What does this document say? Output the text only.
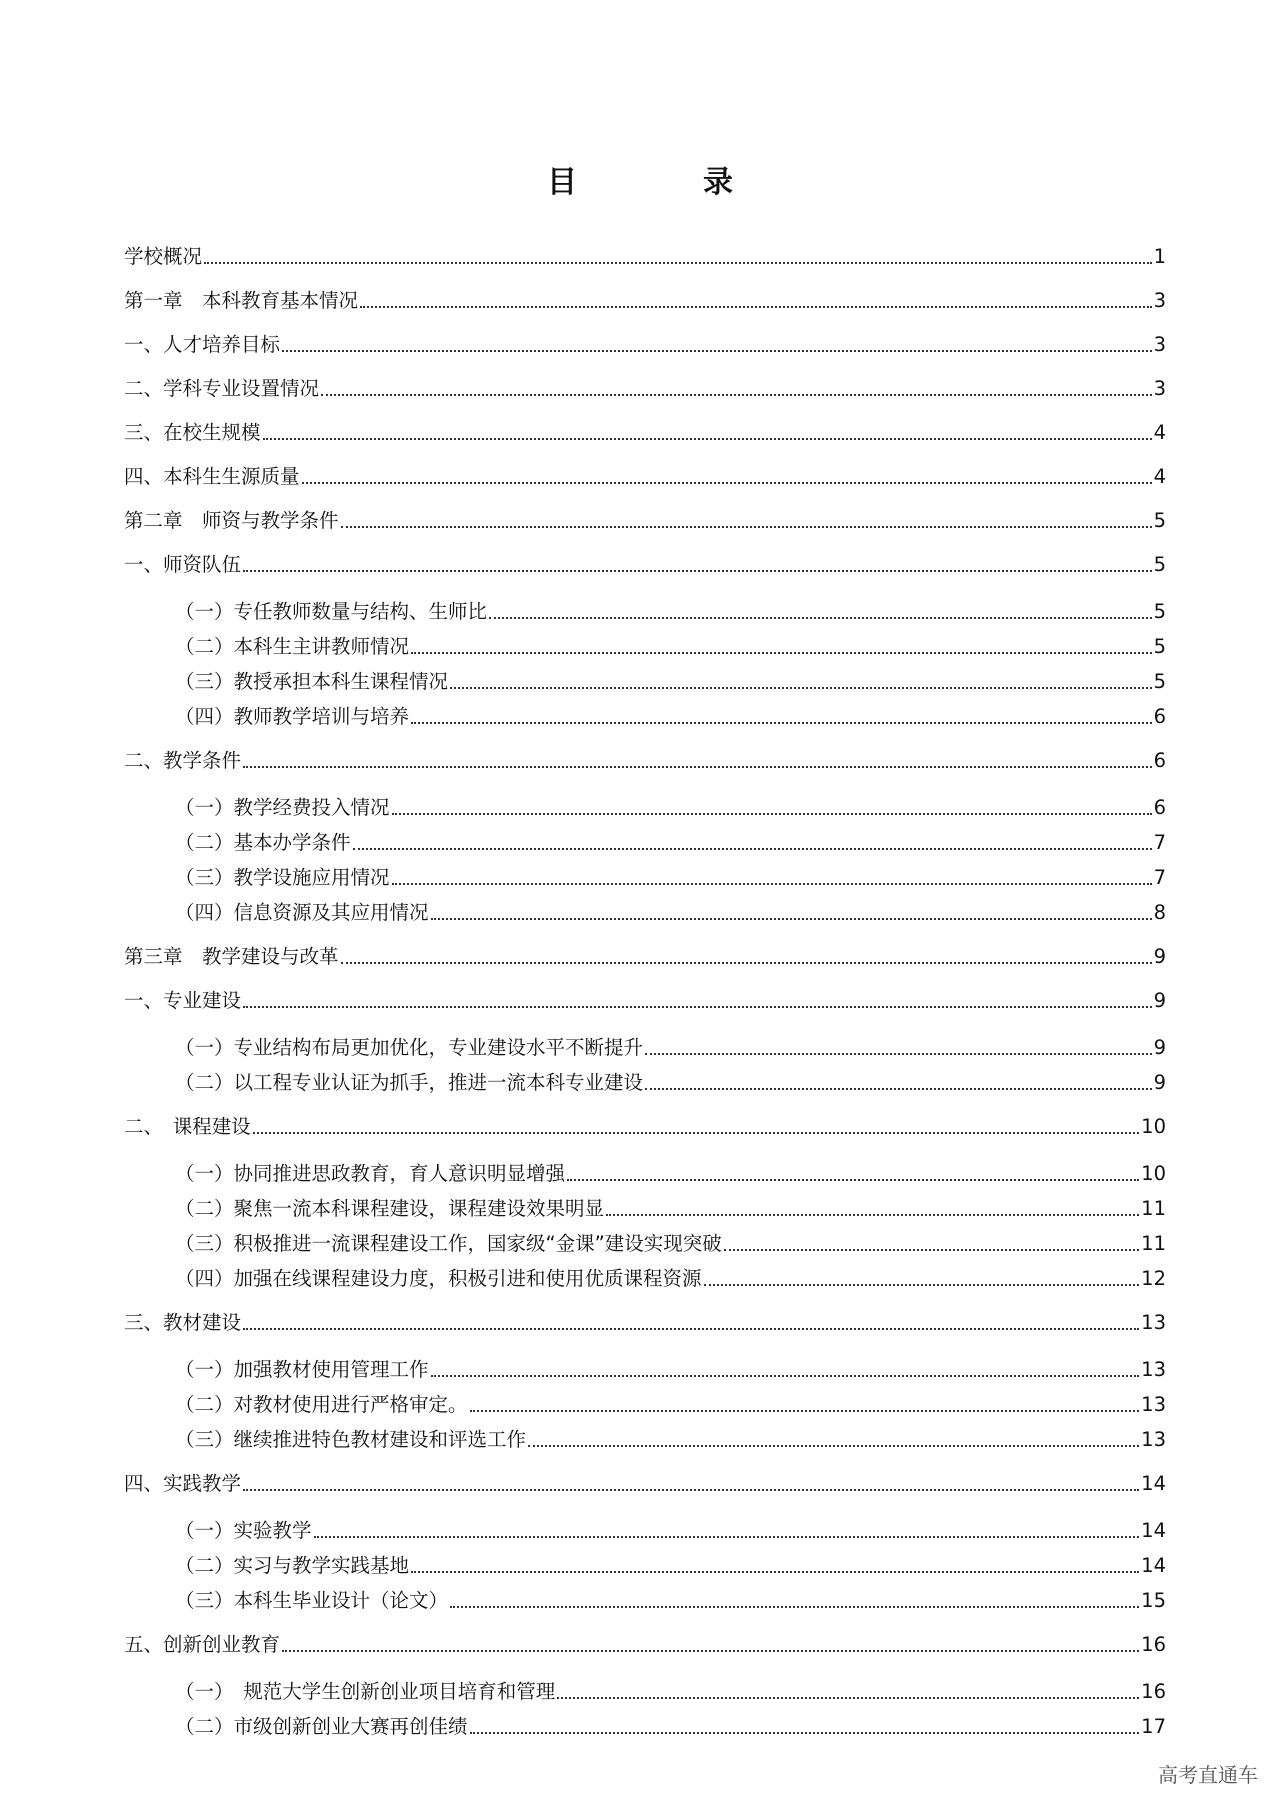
目　录
学校概况	1
第一章　本科教育基本情况	3
一、人才培养目标	3
二、学科专业设置情况	3
三、在校生规模	4
四、本科生生源质量	4
第二章　师资与教学条件	5
一、师资队伍	5
（一）专任教师数量与结构、生师比	5
（二）本科生主讲教师情况	5
（三）教授承担本科生课程情况	5
（四）教师教学培训与培养	6
二、教学条件	6
（一）教学经费投入情况	6
（二）基本办学条件	7
（三）教学设施应用情况	7
（四）信息资源及其应用情况	8
第三章　教学建设与改革	9
一、专业建设	9
（一）专业结构布局更加优化，专业建设水平不断提升	9
（二）以工程专业认证为抓手，推进一流本科专业建设	9
二、　课程建设	10
（一）协同推进思政教育，育人意识明显增强	10
（二）聚焦一流本科课程建设，课程建设效果明显	11
（三）积极推进一流课程建设工作，国家级“金课”建设实现突破	11
（四）加强在线课程建设力度，积极引进和使用优质课程资源	12
三、教材建设	13
（一）加强教材使用管理工作	13
（二）对教材使用进行严格审定。	13
（三）继续推进特色教材建设和评选工作	13
四、实践教学	14
（一）实验教学	14
（二）实习与教学实践基地	14
（三）本科生毕业设计（论文）	15
五、创新创业教育	16
（一）　规范大学生创新创业项目培育和管理	16
（二）市级创新创业大赛再创佳绩	17
高考直通车
